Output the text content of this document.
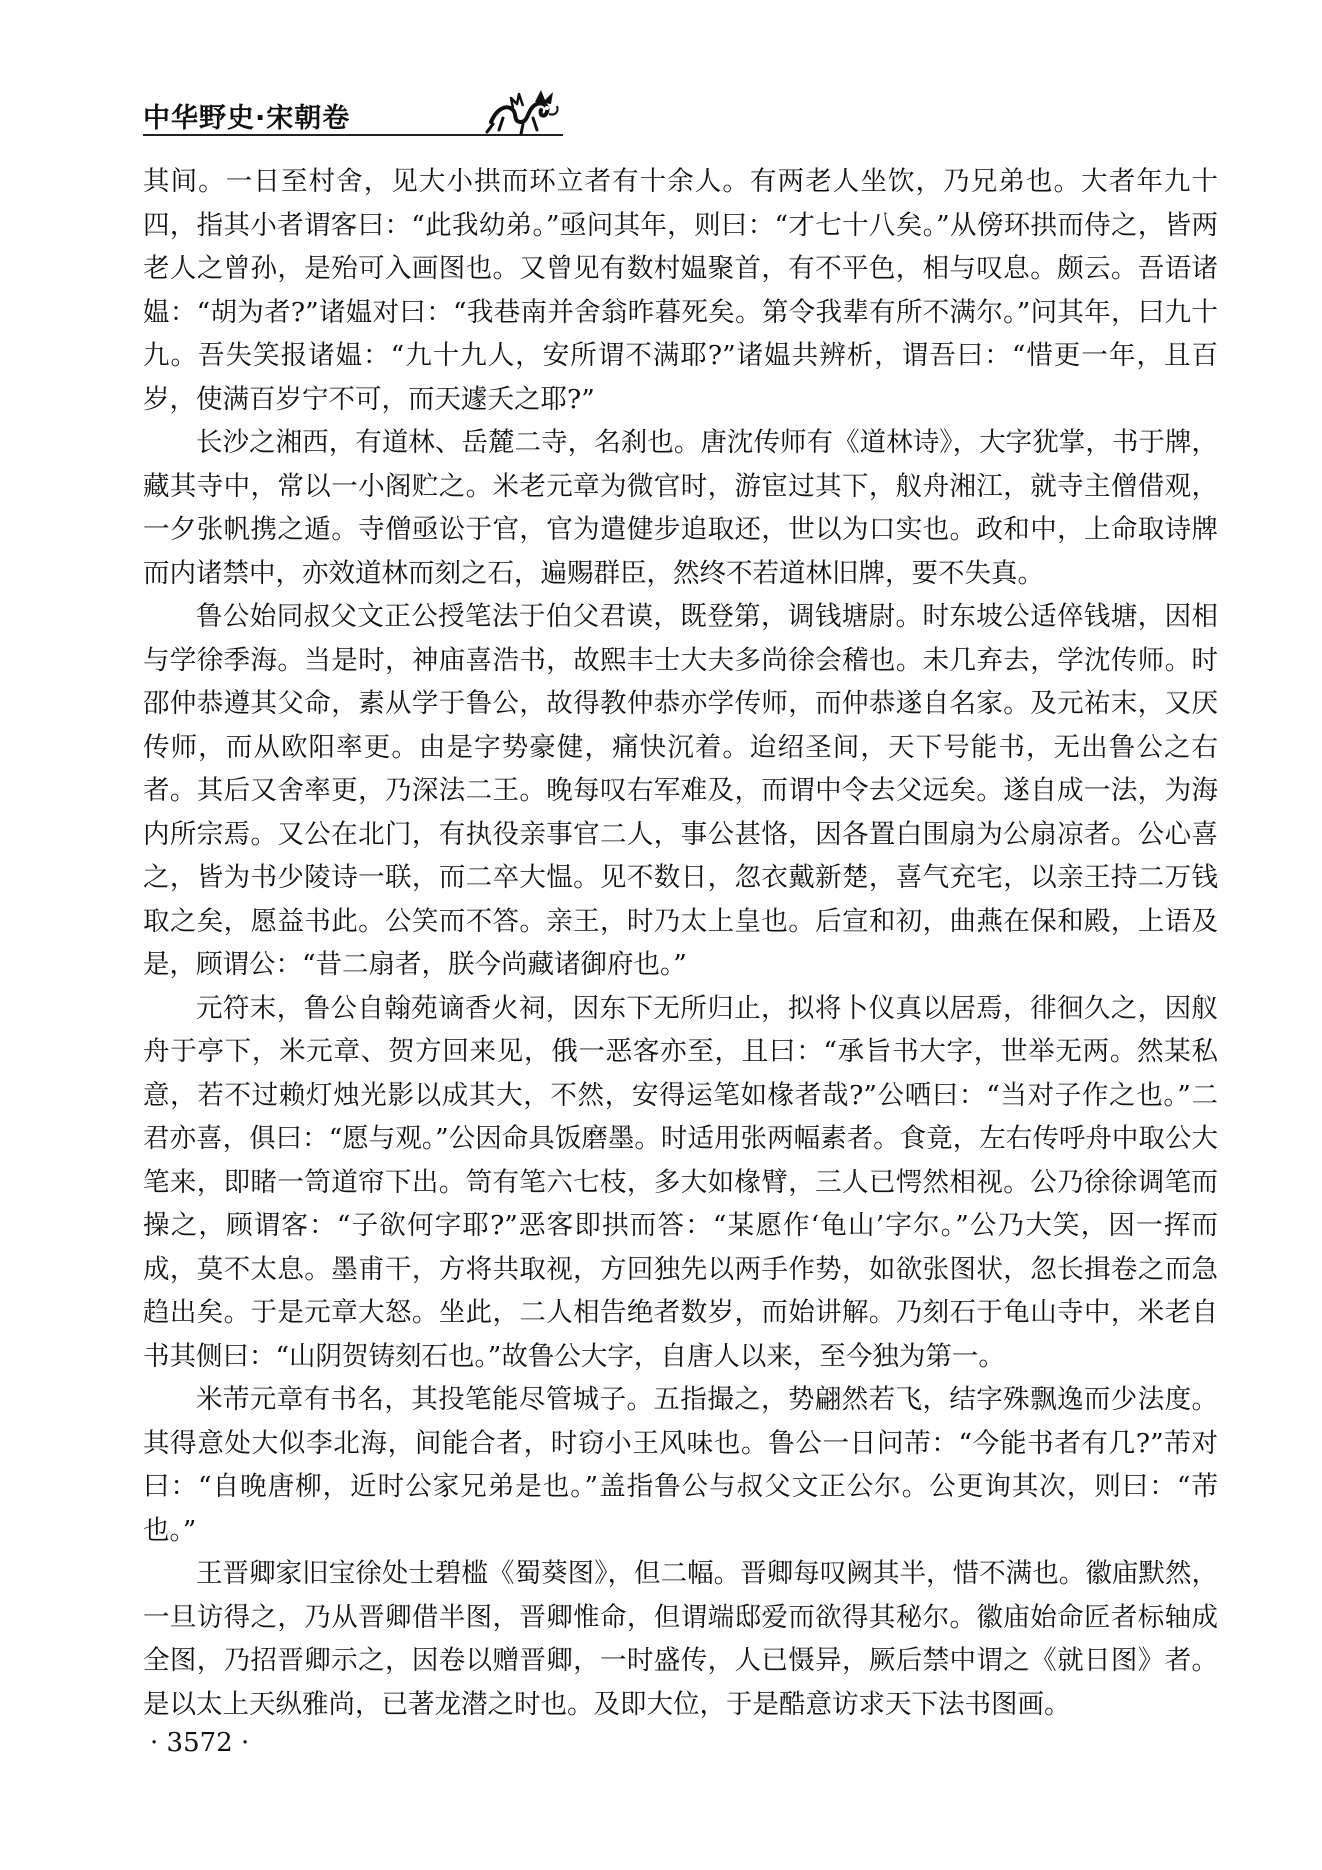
中华野史·宋朝卷

其间。一日至村舍，见大小拱而环立者有十余人。有两老人坐饮，乃兄弟也。大者年九十四，指其小者谓客曰：“此我幼弟。”亟问其年，则曰：“才七十八矣。”从傍环拱而侍之，皆两老人之曾孙，是殆可入画图也。又曾见有数村媪聚首，有不平色，相与叹息。颇云。吾语诸媪：“胡为者?”诸媪对曰：“我巷南并舍翁昨暮死矣。第令我辈有所不满尔。”问其年，曰九十九。吾失笑报诸媪：“九十九人，安所谓不满耶?”诸媪共辨析，谓吾曰：“惜更一年，且百岁，使满百岁宁不可，而天遽夭之耶?”

长沙之湘西，有道林、岳麓二寺，名刹也。唐沈传师有《道林诗》，大字犹掌，书于牌，藏其寺中，常以一小阁贮之。米老元章为微官时，游宦过其下，舣舟湘江，就寺主僧借观，一夕张帆携之遁。寺僧亟讼于官，官为遣健步追取还，世以为口实也。政和中，上命取诗牌而内诸禁中，亦效道林而刻之石，遍赐群臣，然终不若道林旧牌，要不失真。

鲁公始同叔父文正公授笔法于伯父君谟，既登第，调钱塘尉。时东坡公适倅钱塘，因相与学徐季海。当是时，神庙喜浩书，故熙丰士大夫多尚徐会稽也。未几弃去，学沈传师。时邵仲恭遵其父命，素从学于鲁公，故得教仲恭亦学传师，而仲恭遂自名家。及元祐末，又厌传师，而从欧阳率更。由是字势豪健，痛快沉着。迨绍圣间，天下号能书，无出鲁公之右者。其后又舍率更，乃深法二王。晚每叹右军难及，而谓中令去父远矣。遂自成一法，为海内所宗焉。又公在北门，有执役亲事官二人，事公甚恪，因各置白围扇为公扇凉者。公心喜之，皆为书少陵诗一联，而二卒大愠。见不数日，忽衣戴新楚，喜气充宅，以亲王持二万钱取之矣，愿益书此。公笑而不答。亲王，时乃太上皇也。后宣和初，曲燕在保和殿，上语及是，顾谓公：“昔二扇者，朕今尚藏诸御府也。”

元符末，鲁公自翰苑谪香火祠，因东下无所归止，拟将卜仪真以居焉，徘徊久之，因舣舟于亭下，米元章、贺方回来见，俄一恶客亦至，且曰：“承旨书大字，世举无两。然某私意，若不过赖灯烛光影以成其大，不然，安得运笔如椽者哉?”公哂曰：“当对子作之也。”二君亦喜，俱曰：“愿与观。”公因命具饭磨墨。时适用张两幅素者。食竟，左右传呼舟中取公大笔来，即睹一笥道帘下出。笥有笔六七枝，多大如椽臂，三人已愕然相视。公乃徐徐调笔而操之，顾谓客：“子欲何字耶?”恶客即拱而答：“某愿作‘龟山’字尔。”公乃大笑，因一挥而成，莫不太息。墨甫干，方将共取视，方回独先以两手作势，如欲张图状，忽长揖卷之而急趋出矣。于是元章大怒。坐此，二人相告绝者数岁，而始讲解。乃刻石于龟山寺中，米老自书其侧曰：“山阴贺铸刻石也。”故鲁公大字，自唐人以来，至今独为第一。

米芾元章有书名，其投笔能尽管城子。五指撮之，势翩然若飞，结字殊飘逸而少法度。其得意处大似李北海，间能合者，时窃小王风味也。鲁公一日问芾：“今能书者有几?”芾对曰：“自晚唐柳，近时公家兄弟是也。”盖指鲁公与叔父文正公尔。公更询其次，则曰：“芾也。”

王晋卿家旧宝徐处士碧槛《蜀葵图》，但二幅。晋卿每叹阙其半，惜不满也。徽庙默然，一旦访得之，乃从晋卿借半图，晋卿惟命，但谓端邸爱而欲得其秘尔。徽庙始命匠者标轴成全图，乃招晋卿示之，因卷以赠晋卿，一时盛传，人已慑异，厥后禁中谓之《就日图》者。是以太上天纵雅尚，已著龙潜之时也。及即大位，于是酷意访求天下法书图画。

· 3572 ·
